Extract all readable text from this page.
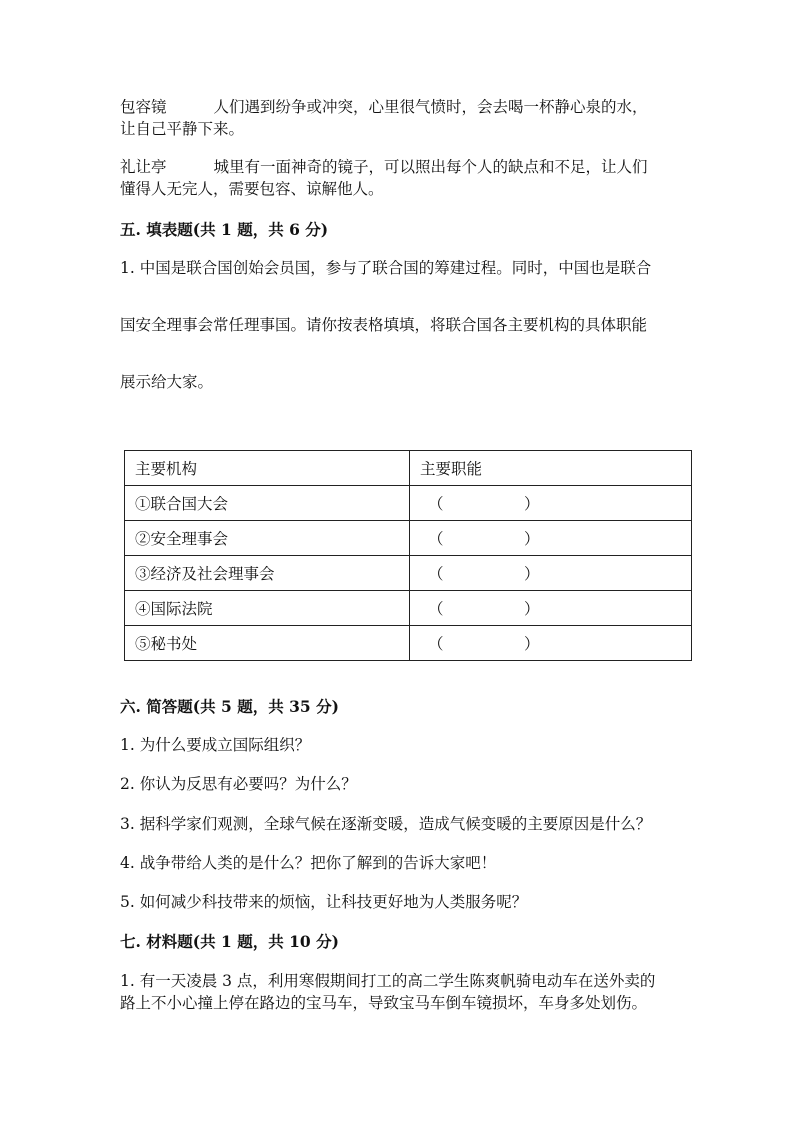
包容镜	人们遇到纷争或冲突，心里很气愤时，会去喝一杯静心泉的水，
让自己平静下来。
礼让亭	城里有一面神奇的镜子，可以照出每个人的缺点和不足，让人们
懂得人无完人，需要包容、谅解他人。
五. 填表题(共 1 题，共 6 分)
1. 中国是联合国创始会员国，参与了联合国的筹建过程。同时，中国也是联合
国安全理事会常任理事国。请你按表格填填，将联合国各主要机构的具体职能
展示给大家。
主要机构	主要职能
①联合国大会	（ ）

②安全理事会	（ ）

③经济及社会理事会	（ ）

④国际法院	（ ）

⑤秘书处	（ ）
六. 简答题(共 5 题，共 35 分)
1. 为什么要成立国际组织？
2. 你认为反思有必要吗？为什么？
3. 据科学家们观测，全球气候在逐渐变暖，造成气候变暖的主要原因是什么？
4. 战争带给人类的是什么？把你了解到的告诉大家吧！
5. 如何减少科技带来的烦恼，让科技更好地为人类服务呢？
七. 材料题(共 1 题，共 10 分)
1. 有一天凌晨 3 点，利用寒假期间打工的高二学生陈爽帆骑电动车在送外卖的
路上不小心撞上停在路边的宝马车，导致宝马车倒车镜损坏，车身多处划伤。
